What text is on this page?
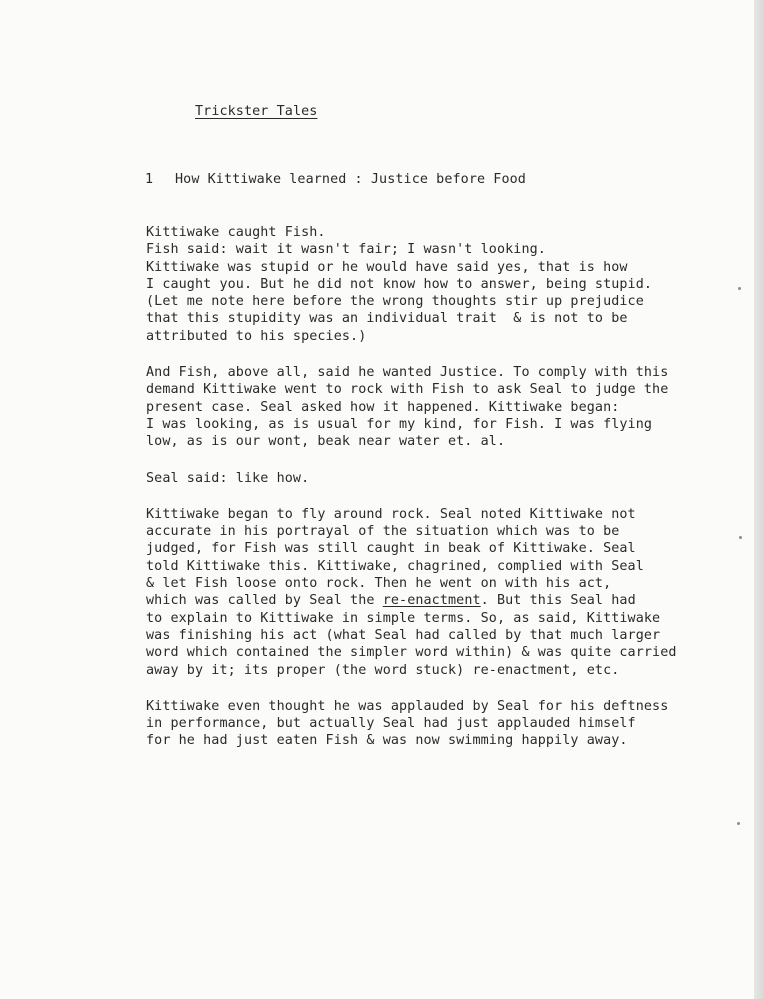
Trickster Tales
1 How Kittiwake learned : Justice before Food

Kittiwake caught Fish.
Fish said: wait it wasn't fair; I wasn't looking.
Kittiwake was stupid or he would have said yes, that is how
I caught you. But he did not know how to answer, being stupid.
(Let me note here before the wrong thoughts stir up prejudice
that this stupidity was an individual trait  & is not to be
attributed to his species.)

And Fish, above all, said he wanted Justice. To comply with this
demand Kittiwake went to rock with Fish to ask Seal to judge the
present case. Seal asked how it happened. Kittiwake began:
I was looking, as is usual for my kind, for Fish. I was flying
low, as is our wont, beak near water et. al.

Seal said: like how.

Kittiwake began to fly around rock. Seal noted Kittiwake not
accurate in his portrayal of the situation which was to be
judged, for Fish was still caught in beak of Kittiwake. Seal
told Kittiwake this. Kittiwake, chagrined, complied with Seal
& let Fish loose onto rock. Then he went on with his act,
which was called by Seal the re-enactment. But this Seal had
to explain to Kittiwake in simple terms. So, as said, Kittiwake
was finishing his act (what Seal had called by that much larger
word which contained the simpler word within) & was quite carried
away by it; its proper (the word stuck) re-enactment, etc.

Kittiwake even thought he was applauded by Seal for his deftness
in performance, but actually Seal had just applauded himself
for he had just eaten Fish & was now swimming happily away.
